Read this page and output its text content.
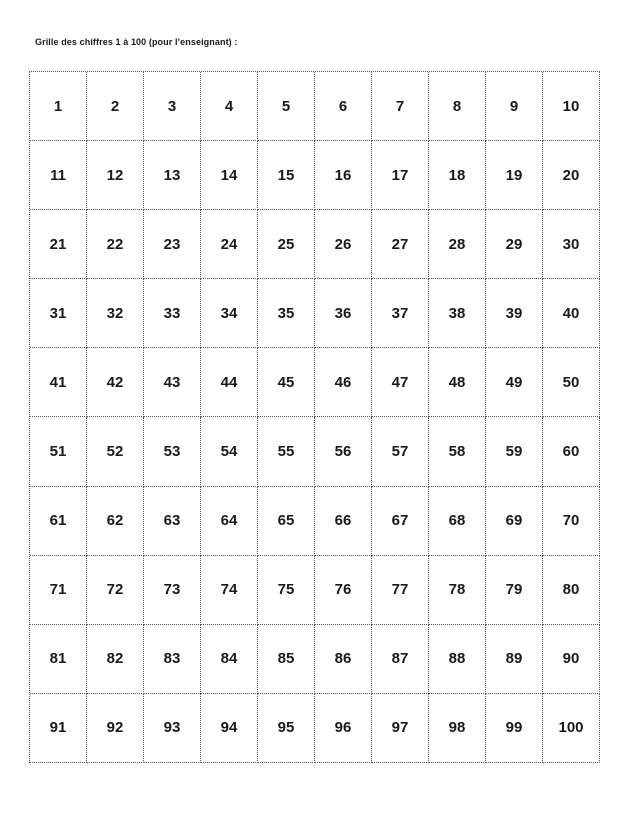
Grille des chiffres 1 à 100 (pour l’enseignant) :
1	2	3	4	5	6	7	8	9	10
11	12	13	14	15	16	17	18	19	20
21	22	23	24	25	26	27	28	29	30
31	32	33	34	35	36	37	38	39	40
41	42	43	44	45	46	47	48	49	50
51	52	53	54	55	56	57	58	59	60
61	62	63	64	65	66	67	68	69	70
71	72	73	74	75	76	77	78	79	80
81	82	83	84	85	86	87	88	89	90
91	92	93	94	95	96	97	98	99	100
